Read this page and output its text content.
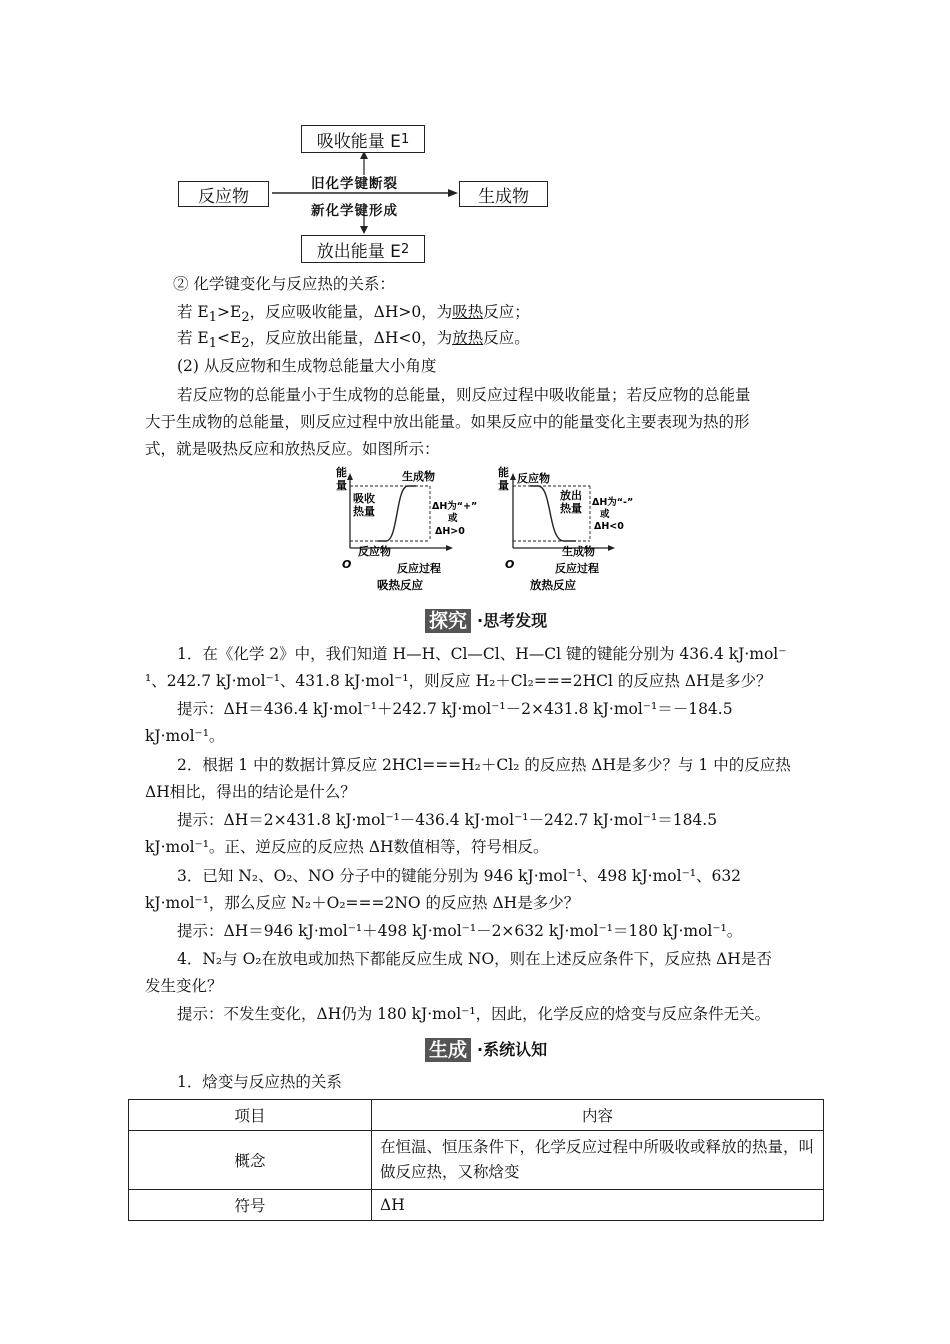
吸收能量 E 1
反应物	生成物
放出能量 E 2
旧化学键断裂
新化学键形成
② 化学键变化与反应热的关系：
若 $E_1>E_2$，反应吸收能量，ΔH>0，为吸热反应；
若 $E_1<E_2$，反应放出能量，ΔH<0，为放热反应。
(2) 从反应物和生成物总能量大小角度
若反应物的总能量小于生成物的总能量，则反应过程中吸收能量；若反应物的总能量
大于生成物的总能量，则反应过程中放出能量。如果反应中的能量变化主要表现为热的形
式，就是吸热反应和放热反应。如图所示：
能
量
生成物
吸收
热量
反应物
ΔH为“+”
或
ΔH>0
O	反应过程
吸热反应
能
量
反应物
放出
热量
生成物
ΔH为“-”
或
ΔH<0
O	反应过程
放热反应
探究 ·思考发现
1．在《化学 2》中，我们知道 H—H、Cl—Cl、H—Cl 键的键能分别为 436.4 kJ·mol⁻
¹、242.7 kJ·mol⁻¹、431.8 kJ·mol⁻¹，则反应 H₂＋Cl₂===2HCl 的反应热 ΔH是多少？
提示：ΔH＝436.4 kJ·mol⁻¹＋242.7 kJ·mol⁻¹－2×431.8 kJ·mol⁻¹＝－184.5
kJ·mol⁻¹。
2．根据 1 中的数据计算反应 2HCl===H₂＋Cl₂ 的反应热 ΔH是多少？与 1 中的反应热
ΔH相比，得出的结论是什么？
提示：ΔH＝2×431.8 kJ·mol⁻¹－436.4 kJ·mol⁻¹－242.7 kJ·mol⁻¹＝184.5
kJ·mol⁻¹。正、逆反应的反应热 ΔH数值相等，符号相反。
3．已知 N₂、O₂、NO 分子中的键能分别为 946 kJ·mol⁻¹、498 kJ·mol⁻¹、632
kJ·mol⁻¹，那么反应 N₂＋O₂===2NO 的反应热 ΔH是多少？
提示：ΔH＝946 kJ·mol⁻¹＋498 kJ·mol⁻¹－2×632 kJ·mol⁻¹＝180 kJ·mol⁻¹。
4．N₂与 O₂在放电或加热下都能反应生成 NO，则在上述反应条件下，反应热 ΔH是否
发生变化？
提示：不发生变化，ΔH仍为 180 kJ·mol⁻¹，因此，化学反应的焓变与反应条件无关。
生成 ·系统认知
1．焓变与反应热的关系
项目	内容
概念	在恒温、恒压条件下，化学反应过程中所吸收或释放的热量，叫做反应热，又称焓变
符号	ΔH
